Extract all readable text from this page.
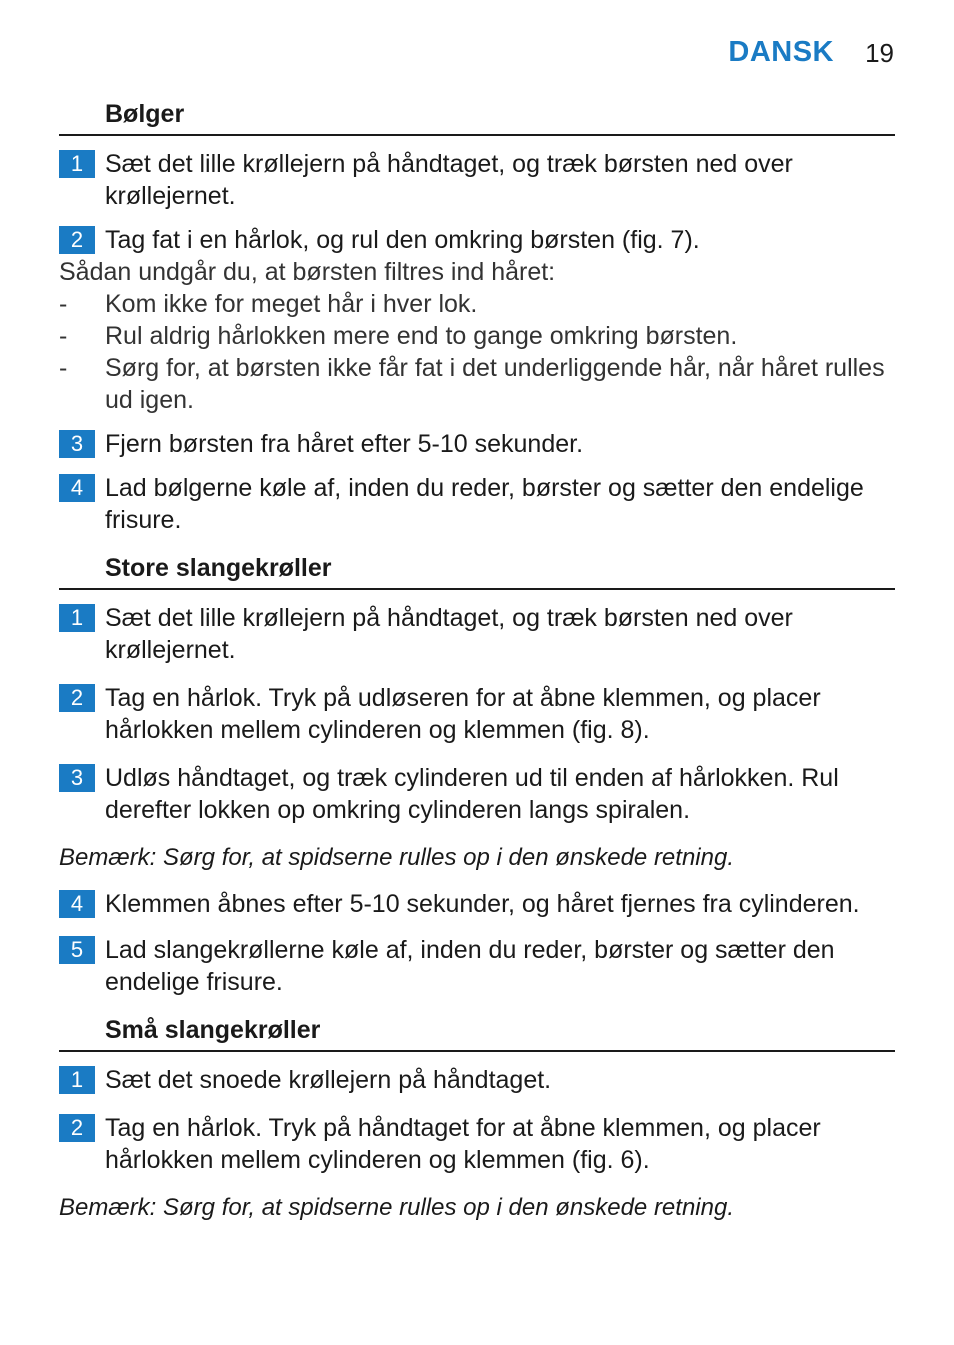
DANSK 19
Bølger
1 Sæt det lille krøllejern på håndtaget, og træk børsten ned over krøllejernet.
2 Tag fat i en hårlok, og rul den omkring børsten (fig. 7).
Sådan undgår du, at børsten filtres ind håret:
- Kom ikke for meget hår i hver lok.
- Rul aldrig hårlokken mere end to gange omkring børsten.
- Sørg for, at børsten ikke får fat i det underliggende hår, når håret rulles ud igen.
3 Fjern børsten fra håret efter 5-10 sekunder.
4 Lad bølgerne køle af, inden du reder, børster og sætter den endelige frisure.
Store slangekrøller
1 Sæt det lille krøllejern på håndtaget, og træk børsten ned over krøllejernet.
2 Tag en hårlok. Tryk på udløseren for at åbne klemmen, og placer hårlokken mellem cylinderen og klemmen (fig. 8).
3 Udløs håndtaget, og træk cylinderen ud til enden af hårlokken. Rul derefter lokken op omkring cylinderen langs spiralen.
Bemærk: Sørg for, at spidserne rulles op i den ønskede retning.
4 Klemmen åbnes efter 5-10 sekunder, og håret fjernes fra cylinderen.
5 Lad slangekrøllerne køle af, inden du reder, børster og sætter den endelige frisure.
Små slangekrøller
1 Sæt det snoede krøllejern på håndtaget.
2 Tag en hårlok. Tryk på håndtaget for at åbne klemmen, og placer hårlokken mellem cylinderen og klemmen (fig. 6).
Bemærk: Sørg for, at spidserne rulles op i den ønskede retning.
